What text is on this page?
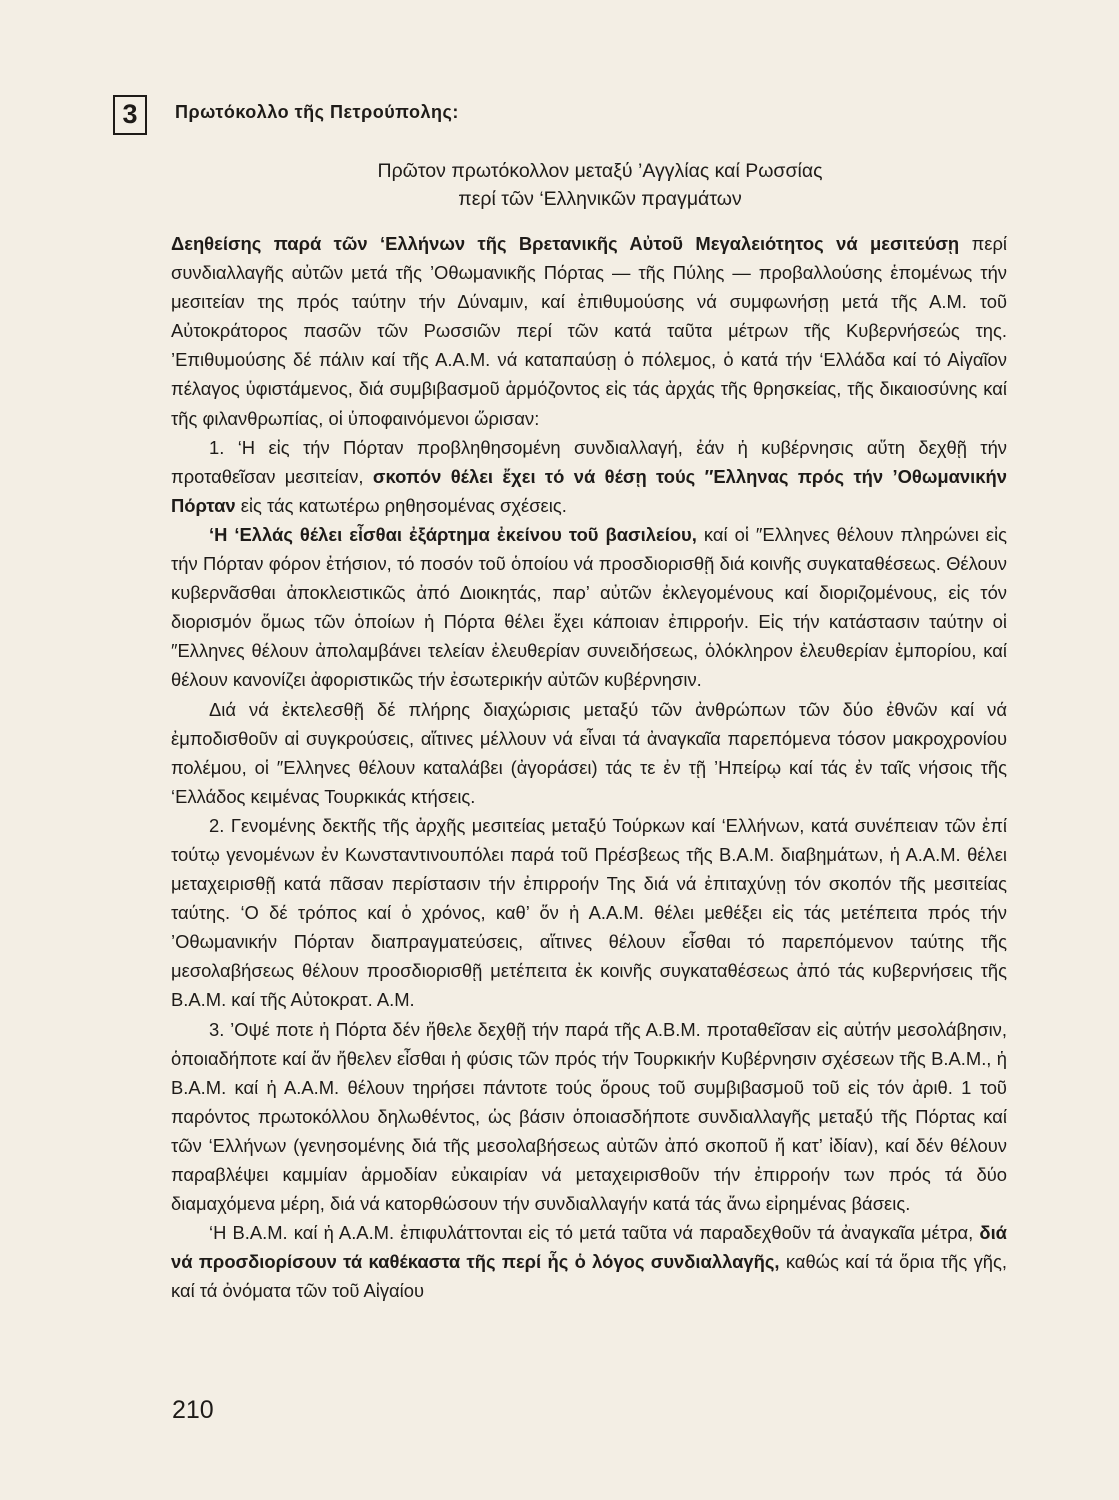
3	Πρωτόκολλο τῆς Πετρούπολης:
Πρῶτον πρωτόκολλον μεταξύ ’Αγγλίας καί Ρωσσίας
περί τῶν ‘Ελληνικῶν πραγμάτων

Δεηθείσης παρά τῶν ‘Ελλήνων τῆς Βρετανικῆς Αὐτοῦ Μεγαλειότητος νά μεσιτεύσῃ περί συνδιαλλαγῆς αὐτῶν μετά τῆς ’Οθωμανικῆς Πόρτας — τῆς Πύλης — προβαλλούσης ἑπομένως τήν μεσιτείαν της πρός ταύτην τήν Δύναμιν, καί ἐπιθυμούσης νά συμφωνήσῃ μετά τῆς Α.Μ. τοῦ Αὐτοκράτορος πασῶν τῶν Ρωσσιῶν περί τῶν κατά ταῦτα μέτρων τῆς Κυβερνήσεώς της. ’Επιθυμούσης δέ πάλιν καί τῆς Α.Α.Μ. νά καταπαύσῃ ὁ πόλεμος, ὁ κατά τήν ‘Ελλάδα καί τό Αἰγαῖον πέλαγος ὑφιστάμενος, διά συμβιβασμοῦ ἁρμόζοντος εἰς τάς ἀρχάς τῆς θρησκείας, τῆς δικαιοσύνης καί τῆς φιλανθρωπίας, οἱ ὑποφαινόμενοι ὥρισαν:

1. ‘Η εἰς τήν Πόρταν προβληθησομένη συνδιαλλαγή, ἐάν ἡ κυβέρνησις αὕτη δεχθῇ τήν προταθεῖσαν μεσιτείαν, σκοπόν θέλει ἔχει τό νά θέσῃ τούς ″Ελληνας πρός τήν ’Οθωμανικήν Πόρταν εἰς τάς κατωτέρω ρηθησομένας σχέσεις.

‘Η ‘Ελλάς θέλει εἶσθαι ἐξάρτημα ἐκείνου τοῦ βασιλείου, καί οἱ ″Ελληνες θέλουν πληρώνει εἰς τήν Πόρταν φόρον ἐτήσιον, τό ποσόν τοῦ ὁποίου νά προσδιορισθῇ διά κοινῆς συγκαταθέσεως. Θέλουν κυβερνᾶσθαι ἀποκλειστικῶς ἀπό Διοικητάς, παρ’ αὐτῶν ἐκλεγομένους καί διοριζομένους, εἰς τόν διορισμόν ὅμως τῶν ὁποίων ἡ Πόρτα θέλει ἔχει κάποιαν ἐπιρροήν. Εἰς τήν κατάστασιν ταύτην οἱ ″Ελληνες θέλουν ἀπολαμβάνει τελείαν ἐλευθερίαν συνειδήσεως, ὁλόκληρον ἐλευθερίαν ἐμπορίου, καί θέλουν κανονίζει ἀφοριστικῶς τήν ἐσωτερικήν αὐτῶν κυβέρνησιν.

Διά νά ἐκτελεσθῇ δέ πλήρης διαχώρισις μεταξύ τῶν ἀνθρώπων τῶν δύο ἐθνῶν καί νά ἐμποδισθοῦν αἱ συγκρούσεις, αἵτινες μέλλουν νά εἶναι τά ἀναγκαῖα παρεπόμενα τόσον μακροχρονίου πολέμου, οἱ ″Ελληνες θέλουν καταλάβει (ἀγοράσει) τάς τε ἐν τῇ ’Ηπείρῳ καί τάς ἐν ταῖς νήσοις τῆς ‘Ελλάδος κειμένας Τουρκικάς κτήσεις.

2. Γενομένης δεκτῆς τῆς ἀρχῆς μεσιτείας μεταξύ Τούρκων καί ‘Ελλήνων, κατά συνέπειαν τῶν ἐπί τούτῳ γενομένων ἐν Κωνσταντινουπόλει παρά τοῦ Πρέσβεως τῆς Β.Α.Μ. διαβημάτων, ἡ Α.Α.Μ. θέλει μεταχειρισθῇ κατά πᾶσαν περίστασιν τήν ἐπιρροήν Της διά νά ἐπιταχύνῃ τόν σκοπόν τῆς μεσιτείας ταύτης. ‘Ο δέ τρόπος καί ὁ χρόνος, καθ’ ὅν ἡ Α.Α.Μ. θέλει μεθέξει εἰς τάς μετέπειτα πρός τήν ’Οθωμανικήν Πόρταν διαπραγματεύσεις, αἵτινες θέλουν εἶσθαι τό παρεπόμενον ταύτης τῆς μεσολαβήσεως θέλουν προσδιορισθῇ μετέπειτα ἐκ κοινῆς συγκαταθέσεως ἀπό τάς κυβερνήσεις τῆς Β.Α.Μ. καί τῆς Αὐτοκρατ. Α.Μ.

3. ’Οψέ ποτε ἡ Πόρτα δέν ἤθελε δεχθῇ τήν παρά τῆς Α.Β.Μ. προταθεῖσαν εἰς αὐτήν μεσολάβησιν, ὁποιαδήποτε καί ἄν ἤθελεν εἶσθαι ἡ φύσις τῶν πρός τήν Τουρκικήν Κυβέρνησιν σχέσεων τῆς Β.Α.Μ., ἡ Β.Α.Μ. καί ἡ Α.Α.Μ. θέλουν τηρήσει πάντοτε τούς ὅρους τοῦ συμβιβασμοῦ τοῦ εἰς τόν ἀριθ. 1 τοῦ παρόντος πρωτοκόλλου δηλωθέντος, ὡς βάσιν ὁποιασδήποτε συνδιαλλαγῆς μεταξύ τῆς Πόρτας καί τῶν ‘Ελλήνων (γενησομένης διά τῆς μεσολαβήσεως αὐτῶν ἀπό σκοποῦ ἤ κατ’ ἰδίαν), καί δέν θέλουν παραβλέψει καμμίαν ἁρμοδίαν εὐκαιρίαν νά μεταχειρισθοῦν τήν ἐπιρροήν των πρός τά δύο διαμαχόμενα μέρη, διά νά κατορθώσουν τήν συνδιαλλαγήν κατά τάς ἄνω εἰρημένας βάσεις.

‘Η Β.Α.Μ. καί ἡ Α.Α.Μ. ἐπιφυλάττονται εἰς τό μετά ταῦτα νά παραδεχθοῦν τά ἀναγκαῖα μέτρα, διά νά προσδιορίσουν τά καθέκαστα τῆς περί ἧς ὁ λόγος συνδιαλλαγῆς, καθώς καί τά ὅρια τῆς γῆς, καί τά ὀνόματα τῶν τοῦ Αἰγαίου

210
